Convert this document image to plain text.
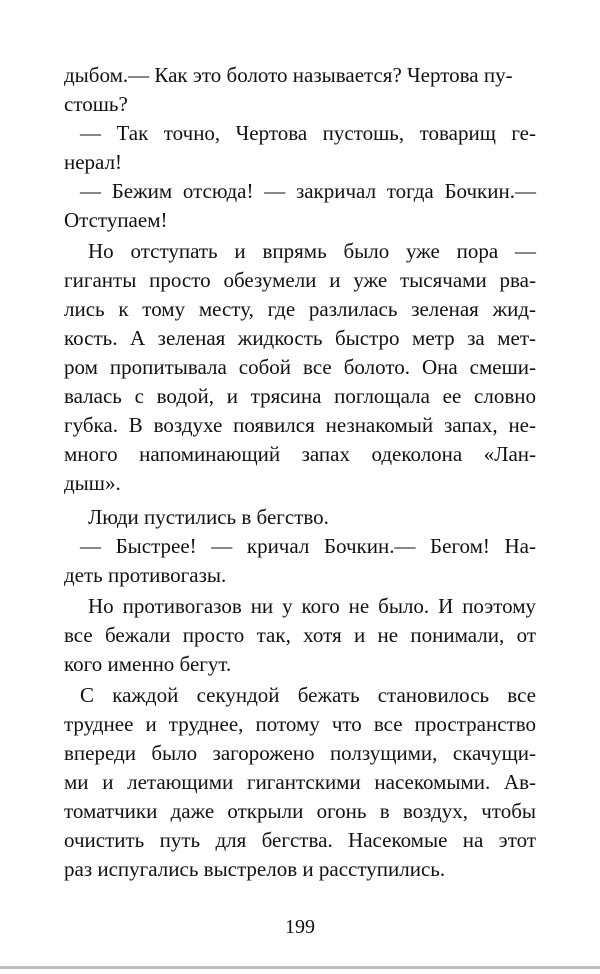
дыбом.— Как это болото называется? Чертова пу-
стошь?
— Так точно, Чертова пустошь, товарищ ге-
нерал!
— Бежим отсюда! — закричал тогда Бочкин.—
Отступаем!
Но отступать и впрямь было уже пора —
гиганты просто обезумели и уже тысячами рва-
лись к тому месту, где разлилась зеленая жид-
кость. А зеленая жидкость быстро метр за мет-
ром пропитывала собой все болото. Она смеши-
валась с водой, и трясина поглощала ее словно
губка. В воздухе появился незнакомый запах, не-
много напоминающий запах одеколона «Лан-
дыш».
Люди пустились в бегство.
— Быстрее! — кричал Бочкин.— Бегом! На-
деть противогазы.
Но противогазов ни у кого не было. И поэтому
все бежали просто так, хотя и не понимали, от
кого именно бегут.
С каждой секундой бежать становилось все
труднее и труднее, потому что все пространство
впереди было загорожено ползущими, скачущи-
ми и летающими гигантскими насекомыми. Ав-
томатчики даже открыли огонь в воздух, чтобы
очистить путь для бегства. Насекомые на этот
раз испугались выстрелов и расступились.
199
